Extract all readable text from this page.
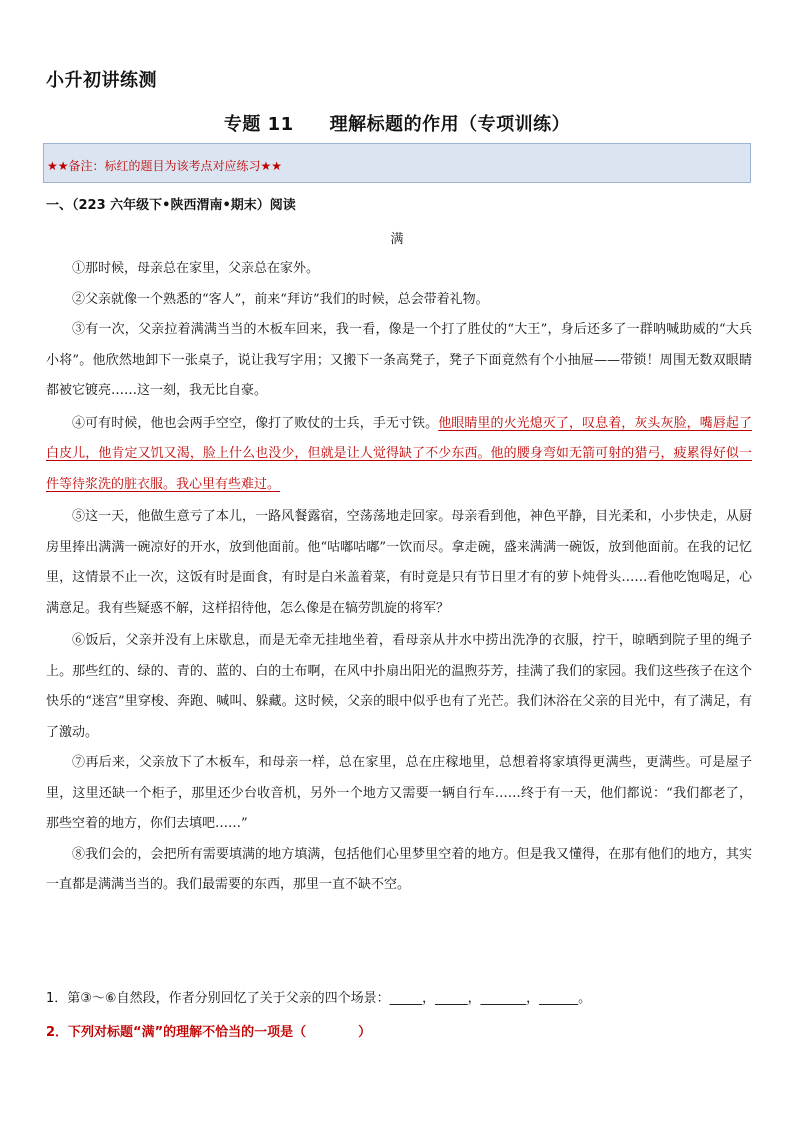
小升初讲练测
专题 11 理解标题的作用（专项训练）
★★备注：标红的题目为该考点对应练习★★
一、（223 六年级下•陕西渭南•期末）阅读
满

①那时候，母亲总在家里，父亲总在家外。

②父亲就像一个熟悉的“客人”，前来“拜访”我们的时候，总会带着礼物。

③有一次，父亲拉着满满当当的木板车回来，我一看，像是一个打了胜仗的“大王”，身后还多了一群呐喊助威的“大兵小将”。他欣然地卸下一张桌子，说让我写字用；又搬下一条高凳子，凳子下面竟然有个小抽屉——带锁！周围无数双眼睛都被它镀亮……这一刻，我无比自豪。

④可有时候，他也会两手空空，像打了败仗的士兵，手无寸铁。他眼睛里的火光熄灭了，叹息着，灰头灰脸，嘴唇起了白皮儿，他肯定又饥又渴，脸上什么也没少，但就是让人觉得缺了不少东西。他的腰身弯如无箭可射的猎弓，疲累得好似一件等待浆洗的脏衣服。我心里有些难过。

⑤这一天，他做生意亏了本儿，一路风餐露宿，空荡荡地走回家。母亲看到他，神色平静，目光柔和，小步快走，从厨房里捧出满满一碗凉好的开水，放到他面前。他“咕嘟咕嘟”一饮而尽。拿走碗，盛来满满一碗饭，放到他面前。在我的记忆里，这情景不止一次，这饭有时是面食，有时是白米盖着菜，有时竟是只有节日里才有的萝卜炖骨头……看他吃饱喝足，心满意足。我有些疑惑不解，这样招待他，怎么像是在犒劳凯旋的将军？

⑥饭后，父亲并没有上床歇息，而是无牵无挂地坐着，看母亲从井水中捞出洗净的衣服，拧干，晾晒到院子里的绳子上。那些红的、绿的、青的、蓝的、白的土布啊，在风中扑扇出阳光的温煦芬芳，挂满了我们的家园。我们这些孩子在这个快乐的“迷宫”里穿梭、奔跑、喊叫、躲藏。这时候，父亲的眼中似乎也有了光芒。我们沐浴在父亲的目光中，有了满足，有了激动。

⑦再后来，父亲放下了木板车，和母亲一样，总在家里，总在庄稼地里，总想着将家填得更满些，更满些。可是屋子里，这里还缺一个柜子，那里还少台收音机，另外一个地方又需要一辆自行车……终于有一天，他们都说：“我们都老了，那些空着的地方，你们去填吧……”

⑧我们会的，会把所有需要填满的地方填满，包括他们心里梦里空着的地方。但是我又懂得，在那有他们的地方，其实一直都是满满当当的。我们最需要的东西，那里一直不缺不空。

1．第③～⑥自然段，作者分别回忆了关于父亲的四个场景：_____，_____，_______，______。
2．下列对标题“满”的理解不恰当的一项是（　　　　）
